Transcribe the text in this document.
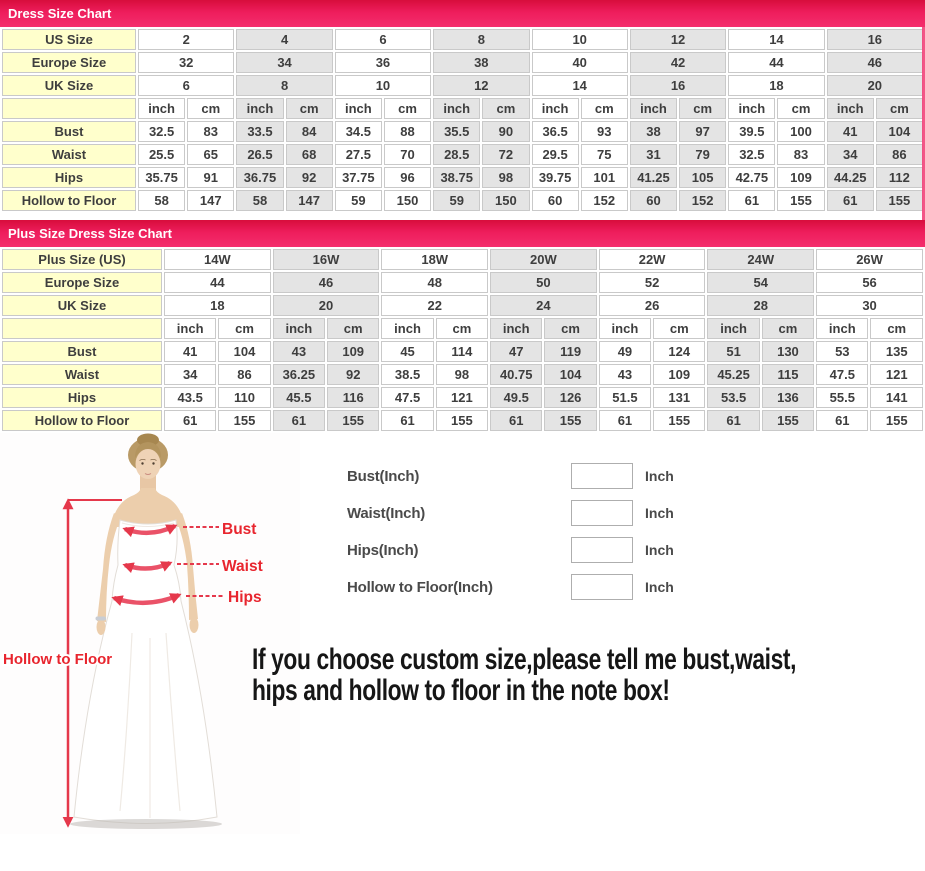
Dress Size Chart
US Size	2		4		6		8		10		12		14		16	
Europe Size	32		34		36		38		40		42		44		46	
UK Size	6		8		10		12		14		16		18		20	
	inch	cm	inch	cm	inch	cm	inch	cm	inch	cm	inch	cm	inch	cm	inch	cm
Bust	32.5	83	33.5	84	34.5	88	35.5	90	36.5	93	38	97	39.5	100	41	104
Waist	25.5	65	26.5	68	27.5	70	28.5	72	29.5	75	31	79	32.5	83	34	86
Hips	35.75	91	36.75	92	37.75	96	38.75	98	39.75	101	41.25	105	42.75	109	44.25	112
Hollow to Floor	58	147	58	147	59	150	59	150	60	152	60	152	61	155	61	155
Plus Size Dress Size Chart
Plus Size (US)	14W		16W		18W		20W		22W		24W		26W	
Europe Size	44		46		48		50		52		54		56	
UK Size	18		20		22		24		26		28		30	
	inch	cm	inch	cm	inch	cm	inch	cm	inch	cm	inch	cm	inch	cm
Bust	41	104	43	109	45	114	47	119	49	124	51	130	53	135
Waist	34	86	36.25	92	38.5	98	40.75	104	43	109	45.25	115	47.5	121
Hips	43.5	110	45.5	116	47.5	121	49.5	126	51.5	131	53.5	136	55.5	141
Hollow to Floor	61	155	61	155	61	155	61	155	61	155	61	155	61	155
Bust
Waist
Hips
Hollow to Floor
Bust(Inch)	Inch
Waist(Inch)	Inch
Hips(Inch)	Inch
Hollow to Floor(Inch)	Inch
If you choose custom size,please tell me bust,waist,
hips and hollow to floor in the note box!
